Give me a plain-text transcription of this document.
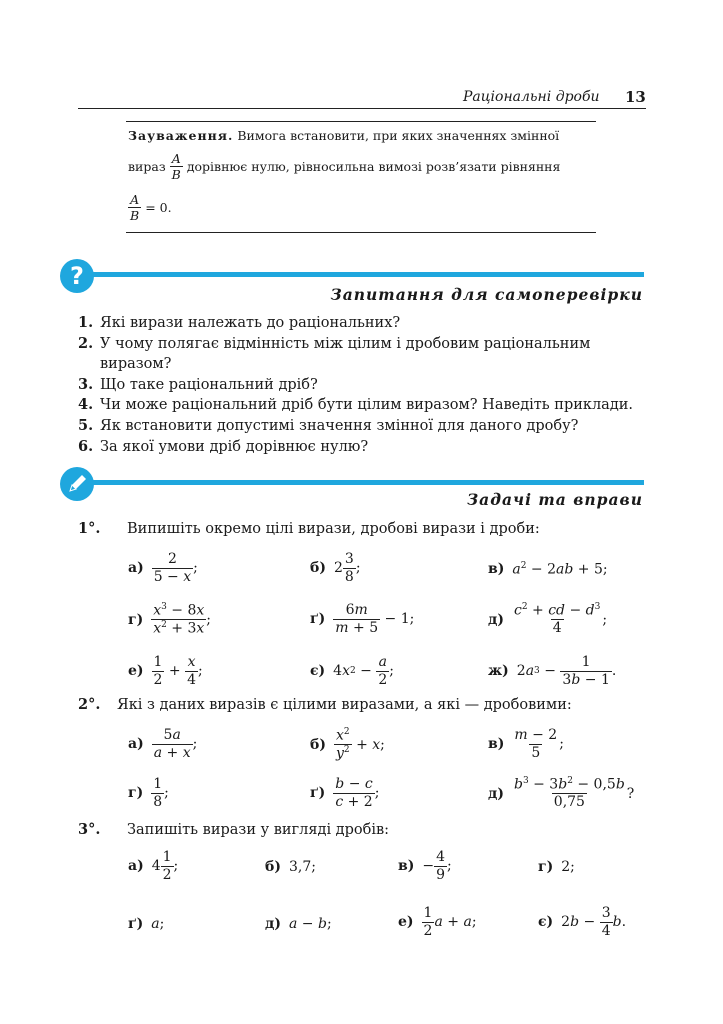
Раціональні дроби 13
Зауваження. Вимога встановити, при яких значеннях змінної
вираз $\frac{A}{B}$ дорівнює нулю, рівносильна вимозі розв’язати рівняння
$\frac{A}{B} = 0$.
?
Запитання для самоперевірки
1. Які вирази належать до раціональних?
2. У чому полягає відмінність між цілим і дробовим раціональним
виразом?
3. Що таке раціональний дріб?
4. Чи може раціональний дріб бути цілим виразом? Наведіть приклади.
5. Як встановити допустимі значення змінної для даного дробу?
6. За якої умови дріб дорівнює нулю?
Задачі та вправи
1°. Випишіть окремо цілі вирази, дробові вирази і дроби:
$а) \frac{2}{5 - x}$ ;	б) $2 \frac{3}{8}$ ;	в) $a^2 - 2ab + 5$;
$г) \frac{x^3 - 8x}{x^2 + 3x}$ ;	$ґ) \frac{6m}{m + 5} - 1$;	$д) \frac{c^2 + cd - d^3}{4}$ ;
$е) \frac{1}{2} + \frac{x}{4}$ ;	є) 4 x $2 - \frac{a}{2}$ ;	ж) 2 a $3 - \frac{1}{3b - 1}$ .
2°. Які з даних виразів є цілими виразами, а які — дробовими:
$а) \frac{5a}{a + x}$ ;	$б) \frac{x^2}{y^2} + x$ ;	$в) \frac{m - 2}{5}$ ;
$г) \frac{1}{8}$ ;	$ґ) \frac{b - c}{c + 2}$ ;	$д) \frac{b^3 - 3b^2 - 0,5b}{0,75}$ ?
3°. Запишіть вирази у вигляді дробів:
а) $4 \frac{1}{2}$ ;	б) 3,7;	$в) - \frac{4}{9}$ ;	г) 2;
ґ) a ;	д) a − b ;	$е) \frac{1}{2}$ a + a ;	є) 2 $b - \frac{3}{4}$ b .
